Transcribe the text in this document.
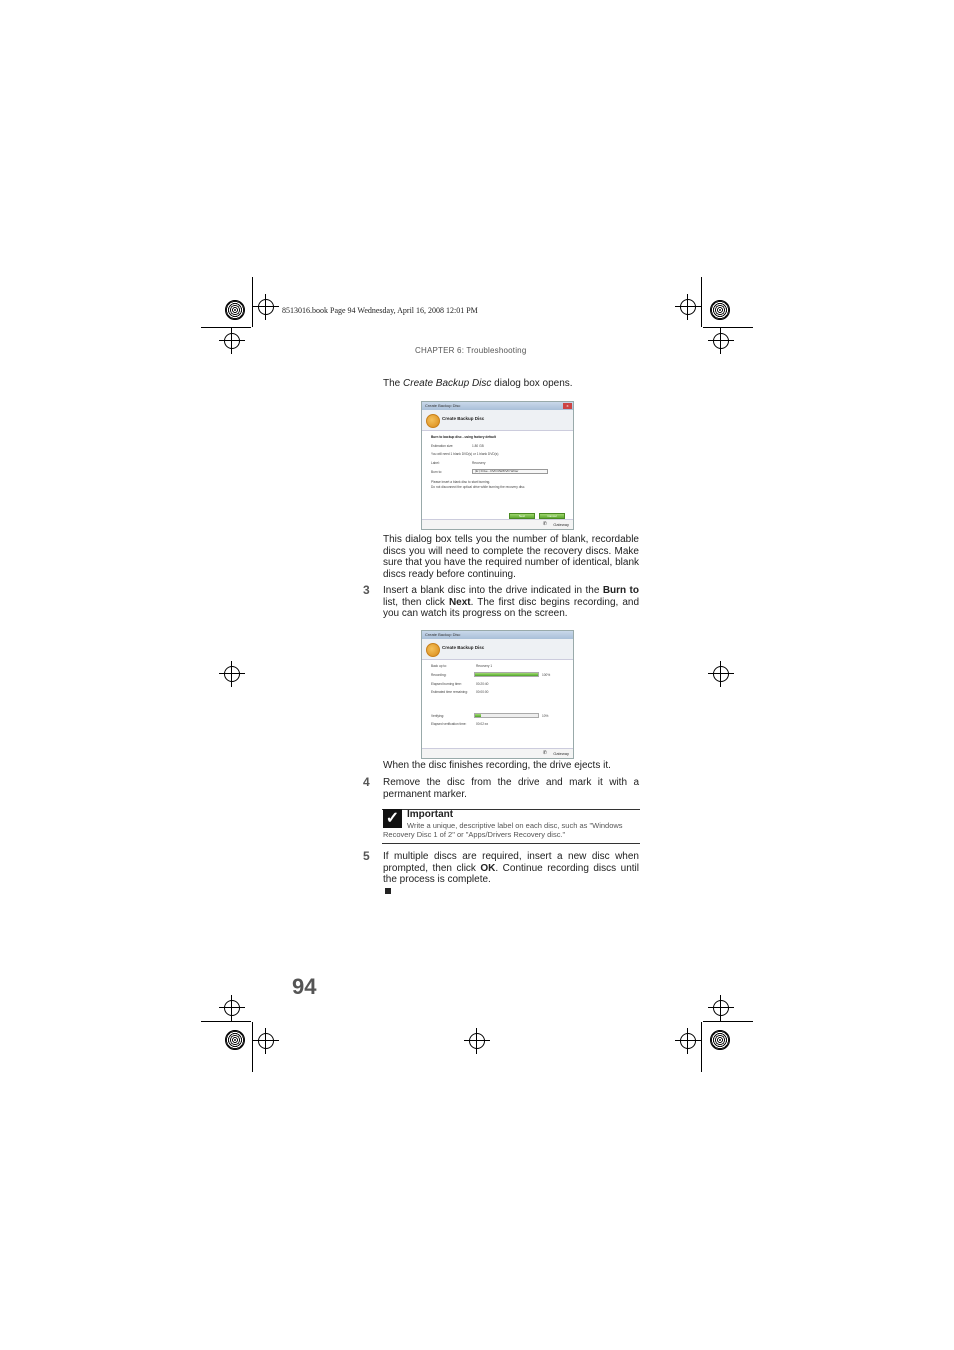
8513016.book Page 94 Wednesday, April 16, 2008 12:01 PM
CHAPTER 6: Troubleshooting
The Create Backup Disc dialog box opens.
Create Backup Disc	x
Create Backup Disc
Burn to backup disc - using factory default
Estimation size:	1.80 GB
You will need 1 blank DVD(s) or 1 blank DVD(s)
Label:	Recovery
Burn to:	(E:) Drive - DVD RW/DVD Writer
Please insert a blank disc to start burning.
Do not disconnect the optical drive while burning the recovery disc.
Next	Cancel
✆ Gateway
This dialog box tells you the number of blank, recordable discs you will need to complete the recovery discs. Make sure that you have the required number of identical, blank discs ready before continuing.
3 Insert a blank disc into the drive indicated in the Burn to list, then click Next. The first disc begins recording, and you can watch its progress on the screen.
Create Backup Disc
Create Backup Disc
Back up to:	Recovery 1
Recording:	100%
Elapsed burning time:	00:20:40
Estimated time remaining:	00:00:00
Verifying:	10%
Elapsed verification time:	00:02:xx
✆ Gateway
When the disc finishes recording, the drive ejects it.
4 Remove the disc from the drive and mark it with a permanent marker.
✓ Important
Write a unique, descriptive label on each disc, such as "Windows Recovery Disc 1 of 2" or "Apps/Drivers Recovery disc."
5 If multiple discs are required, insert a new disc when prompted, then click OK. Continue recording discs until the process is complete.
94
